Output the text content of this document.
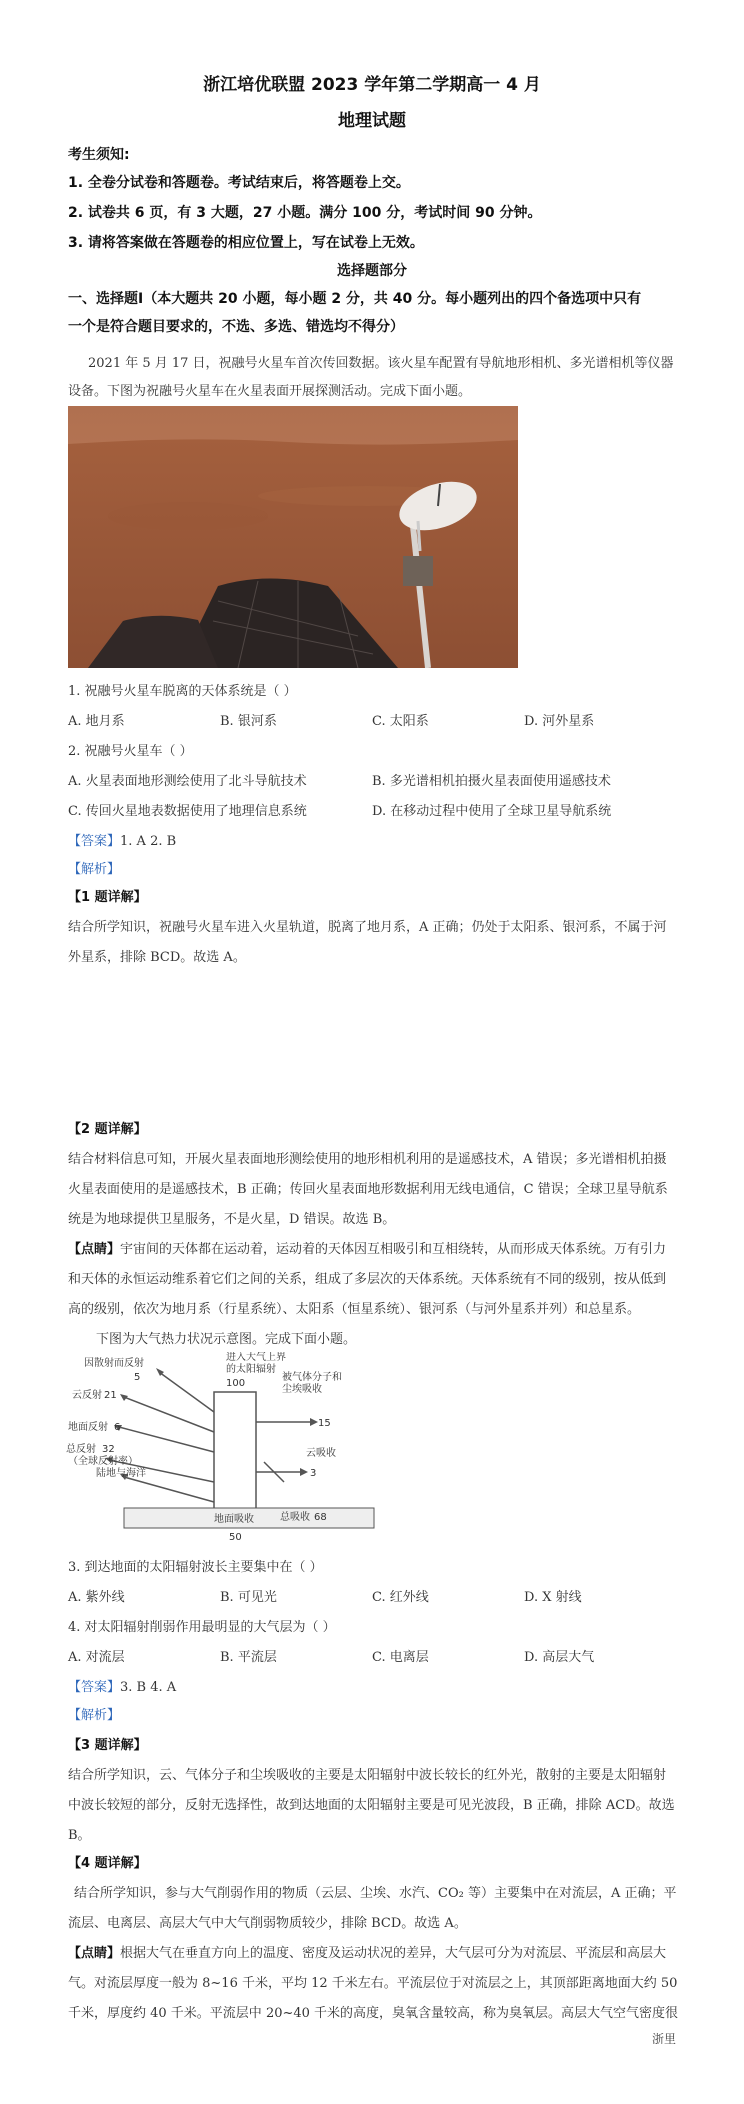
浙江培优联盟 2023 学年第二学期高一 4 月
地理试题
考生须知:
1. 全卷分试卷和答题卷。考试结束后，将答题卷上交。
2. 试卷共 6 页，有 3 大题，27 小题。满分 100 分，考试时间 90 分钟。
3. 请将答案做在答题卷的相应位置上，写在试卷上无效。
选择题部分
一、选择题Ⅰ（本大题共 20 小题，每小题 2 分，共 40 分。每小题列出的四个备选项中只有
一个是符合题目要求的，不选、多选、错选均不得分）
2021 年 5 月 17 日，祝融号火星车首次传回数据。该火星车配置有导航地形相机、多光谱相机等仪器
设备。下图为祝融号火星车在火星表面开展探测活动。完成下面小题。
1. 祝融号火星车脱离的天体系统是（ ）
A. 地月系	B. 银河系	C. 太阳系	D. 河外星系
2. 祝融号火星车（ ）
A. 火星表面地形测绘使用了北斗导航技术	B. 多光谱相机拍摄火星表面使用遥感技术
C. 传回火星地表数据使用了地理信息系统	D. 在移动过程中使用了全球卫星导航系统
【答案】1. A 2. B
【解析】
【1 题详解】
结合所学知识，祝融号火星车进入火星轨道，脱离了地月系，A 正确；仍处于太阳系、银河系，不属于河
外星系，排除 BCD。故选 A。
【2 题详解】
结合材料信息可知，开展火星表面地形测绘使用的地形相机利用的是遥感技术，A 错误；多光谱相机拍摄
火星表面使用的是遥感技术，B 正确；传回火星表面地形数据利用无线电通信，C 错误；全球卫星导航系
统是为地球提供卫星服务，不是火星，D 错误。故选 B。
【点睛】宇宙间的天体都在运动着，运动着的天体因互相吸引和互相绕转，从而形成天体系统。万有引力
和天体的永恒运动维系着它们之间的关系，组成了多层次的天体系统。天体系统有不同的级别，按从低到
高的级别，依次为地月系（行星系统）、太阳系（恒星系统）、银河系（与河外星系并列）和总星系。
下图为大气热力状况示意图。完成下面小题。
进入大气上界
的太阳辐射
100
因散射而反射
5
云反射 21
地面反射 6
总反射 32
（全球反射率）
陆地与海洋
被气体分子和
尘埃吸收
15
云吸收
3
地面吸收
50
总吸收 68
3. 到达地面的太阳辐射波长主要集中在（ ）
A. 紫外线	B. 可见光	C. 红外线	D. X 射线
4. 对太阳辐射削弱作用最明显的大气层为（ ）
A. 对流层	B. 平流层	C. 电离层	D. 高层大气
【答案】3. B 4. A
【解析】
【3 题详解】
结合所学知识，云、气体分子和尘埃吸收的主要是太阳辐射中波长较长的红外光，散射的主要是太阳辐射
中波长较短的部分，反射无选择性，故到达地面的太阳辐射主要是可见光波段，B 正确，排除 ACD。故选
B。
【4 题详解】
结合所学知识，参与大气削弱作用的物质（云层、尘埃、水汽、CO₂ 等）主要集中在对流层，A 正确；平
流层、电离层、高层大气中大气削弱物质较少，排除 BCD。故选 A。
【点睛】根据大气在垂直方向上的温度、密度及运动状况的差异，大气层可分为对流层、平流层和高层大
气。对流层厚度一般为 8~16 千米，平均 12 千米左右。平流层位于对流层之上，其顶部距离地面大约 50
千米，厚度约 40 千米。平流层中 20~40 千米的高度，臭氧含量较高，称为臭氧层。高层大气空气密度很
浙里
